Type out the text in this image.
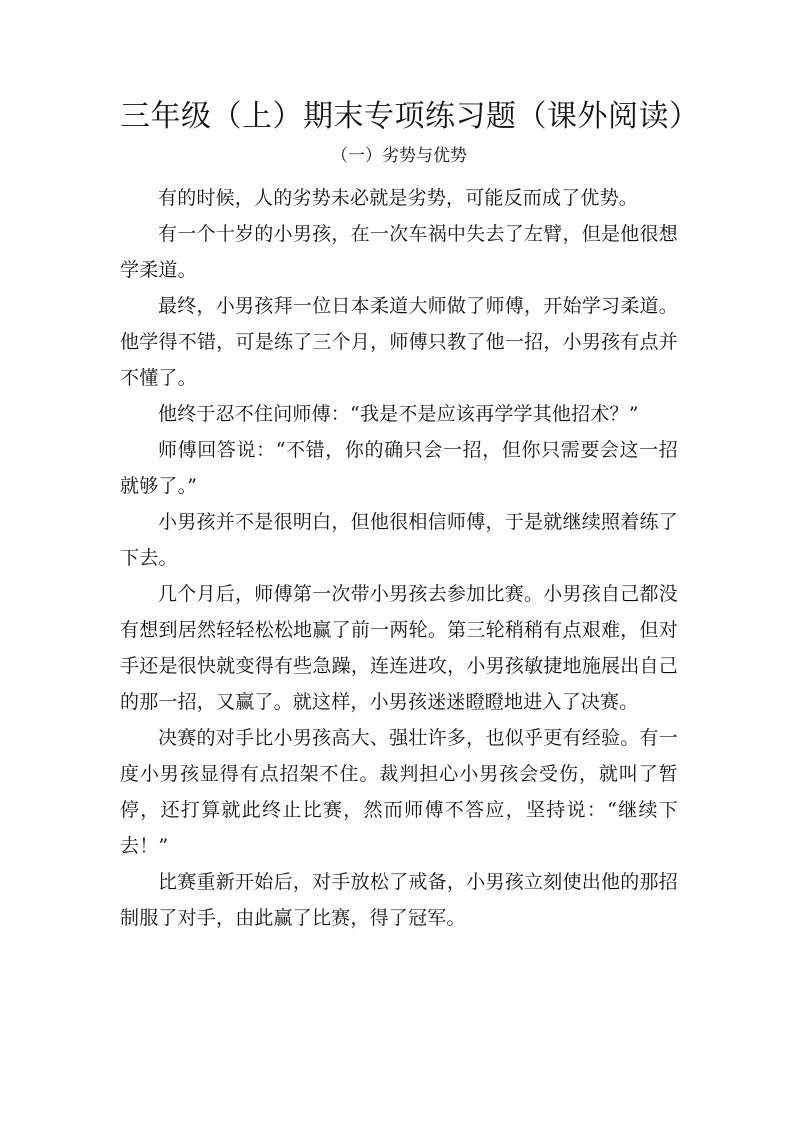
三年级（上）期末专项练习题（课外阅读）
（一）劣势与优势

有的时候，人的劣势未必就是劣势，可能反而成了优势。

有一个十岁的小男孩，在一次车祸中失去了左臂，但是他很想学柔道。

最终，小男孩拜一位日本柔道大师做了师傅，开始学习柔道。他学得不错，可是练了三个月，师傅只教了他一招，小男孩有点并不懂了。

他终于忍不住问师傅：“我是不是应该再学学其他招术？”

师傅回答说：“不错，你的确只会一招，但你只需要会这一招就够了。”

小男孩并不是很明白，但他很相信师傅，于是就继续照着练了下去。

几个月后，师傅第一次带小男孩去参加比赛。小男孩自己都没有想到居然轻轻松松地赢了前一两轮。第三轮稍稍有点艰难，但对手还是很快就变得有些急躁，连连进攻，小男孩敏捷地施展出自己的那一招，又赢了。就这样，小男孩迷迷瞪瞪地进入了决赛。

决赛的对手比小男孩高大、强壮许多，也似乎更有经验。有一度小男孩显得有点招架不住。裁判担心小男孩会受伤，就叫了暂停，还打算就此终止比赛，然而师傅不答应，坚持说：“继续下去！”

比赛重新开始后，对手放松了戒备，小男孩立刻使出他的那招制服了对手，由此赢了比赛，得了冠军。
